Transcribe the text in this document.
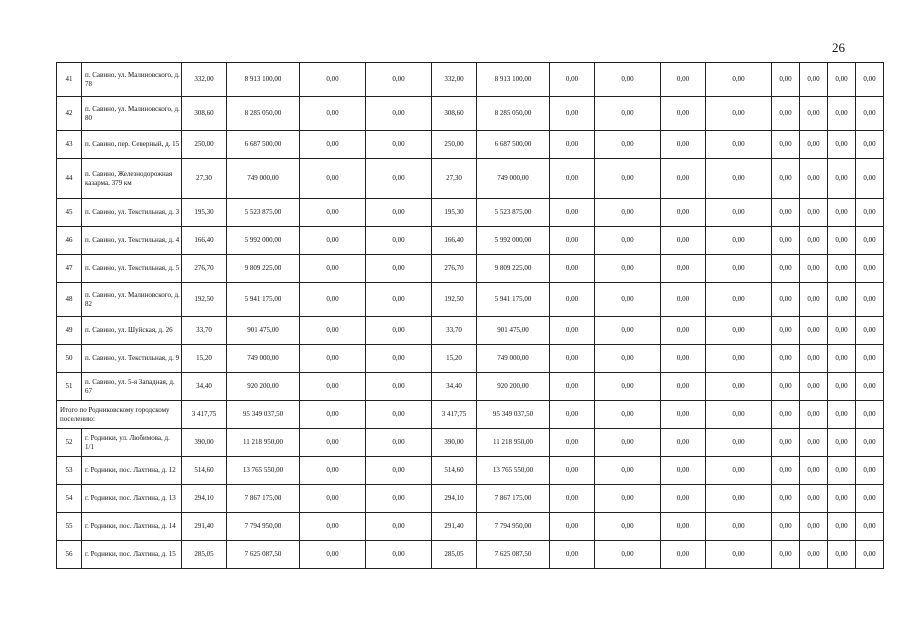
26
41	п. Савино, ул. Малиновского, д. 78	332,00	8 913 100,00	0,00	0,00	332,00	8 913 100,00	0,00	0,00	0,00	0,00	0,00	0,00	0,00	0,00
42	п. Савино, ул. Малиновского, д. 80	308,60	8 285 050,00	0,00	0,00	308,60	8 285 050,00	0,00	0,00	0,00	0,00	0,00	0,00	0,00	0,00
43	п. Савино, пер. Северный, д. 15	250,00	6 687 500,00	0,00	0,00	250,00	6 687 500,00	0,00	0,00	0,00	0,00	0,00	0,00	0,00	0,00
44	п. Савино, Железнодорожная казарма, 379 км	27,30	749 000,00	0,00	0,00	27,30	749 000,00	0,00	0,00	0,00	0,00	0,00	0,00	0,00	0,00
45	п. Савино, ул. Текстильная, д. 3	195,30	5 523 875,00	0,00	0,00	195,30	5 523 875,00	0,00	0,00	0,00	0,00	0,00	0,00	0,00	0,00
46	п. Савино, ул. Текстильная, д. 4	166,40	5 992 000,00	0,00	0,00	166,40	5 992 000,00	0,00	0,00	0,00	0,00	0,00	0,00	0,00	0,00
47	п. Савино, ул. Текстильная, д. 5	276,70	9 809 225,00	0,00	0,00	276,70	9 809 225,00	0,00	0,00	0,00	0,00	0,00	0,00	0,00	0,00
48	п. Савино, ул. Малиновского, д. 82	192,50	5 941 175,00	0,00	0,00	192,50	5 941 175,00	0,00	0,00	0,00	0,00	0,00	0,00	0,00	0,00
49	п. Савино, ул. Шуйская, д. 26	33,70	901 475,00	0,00	0,00	33,70	901 475,00	0,00	0,00	0,00	0,00	0,00	0,00	0,00	0,00
50	п. Савино, ул. Текстильная, д. 9	15,20	749 000,00	0,00	0,00	15,20	749 000,00	0,00	0,00	0,00	0,00	0,00	0,00	0,00	0,00
51	п. Савино, ул. 5-я Западная, д. 67	34,40	920 200,00	0,00	0,00	34,40	920 200,00	0,00	0,00	0,00	0,00	0,00	0,00	0,00	0,00
Итого по Родниковскому городскому поселению:		3 417,75	95 349 037,50	0,00	0,00	3 417,75	95 349 037,50	0,00	0,00	0,00	0,00	0,00	0,00	0,00	0,00
52	г. Родники, ул. Любимова, д. 1/1	390,00	11 218 950,00	0,00	0,00	390,00	11 218 950,00	0,00	0,00	0,00	0,00	0,00	0,00	0,00	0,00
53	г. Родники, пос. Лахтина, д. 12	514,60	13 765 550,00	0,00	0,00	514,60	13 765 550,00	0,00	0,00	0,00	0,00	0,00	0,00	0,00	0,00
54	г. Родники, пос. Лахтина, д. 13	294,10	7 867 175,00	0,00	0,00	294,10	7 867 175,00	0,00	0,00	0,00	0,00	0,00	0,00	0,00	0,00
55	г. Родники, пос. Лахтина, д. 14	291,40	7 794 950,00	0,00	0,00	291,40	7 794 950,00	0,00	0,00	0,00	0,00	0,00	0,00	0,00	0,00
56	г. Родники, пос. Лахтина, д. 15	285,05	7 625 087,50	0,00	0,00	285,05	7 625 087,50	0,00	0,00	0,00	0,00	0,00	0,00	0,00	0,00
